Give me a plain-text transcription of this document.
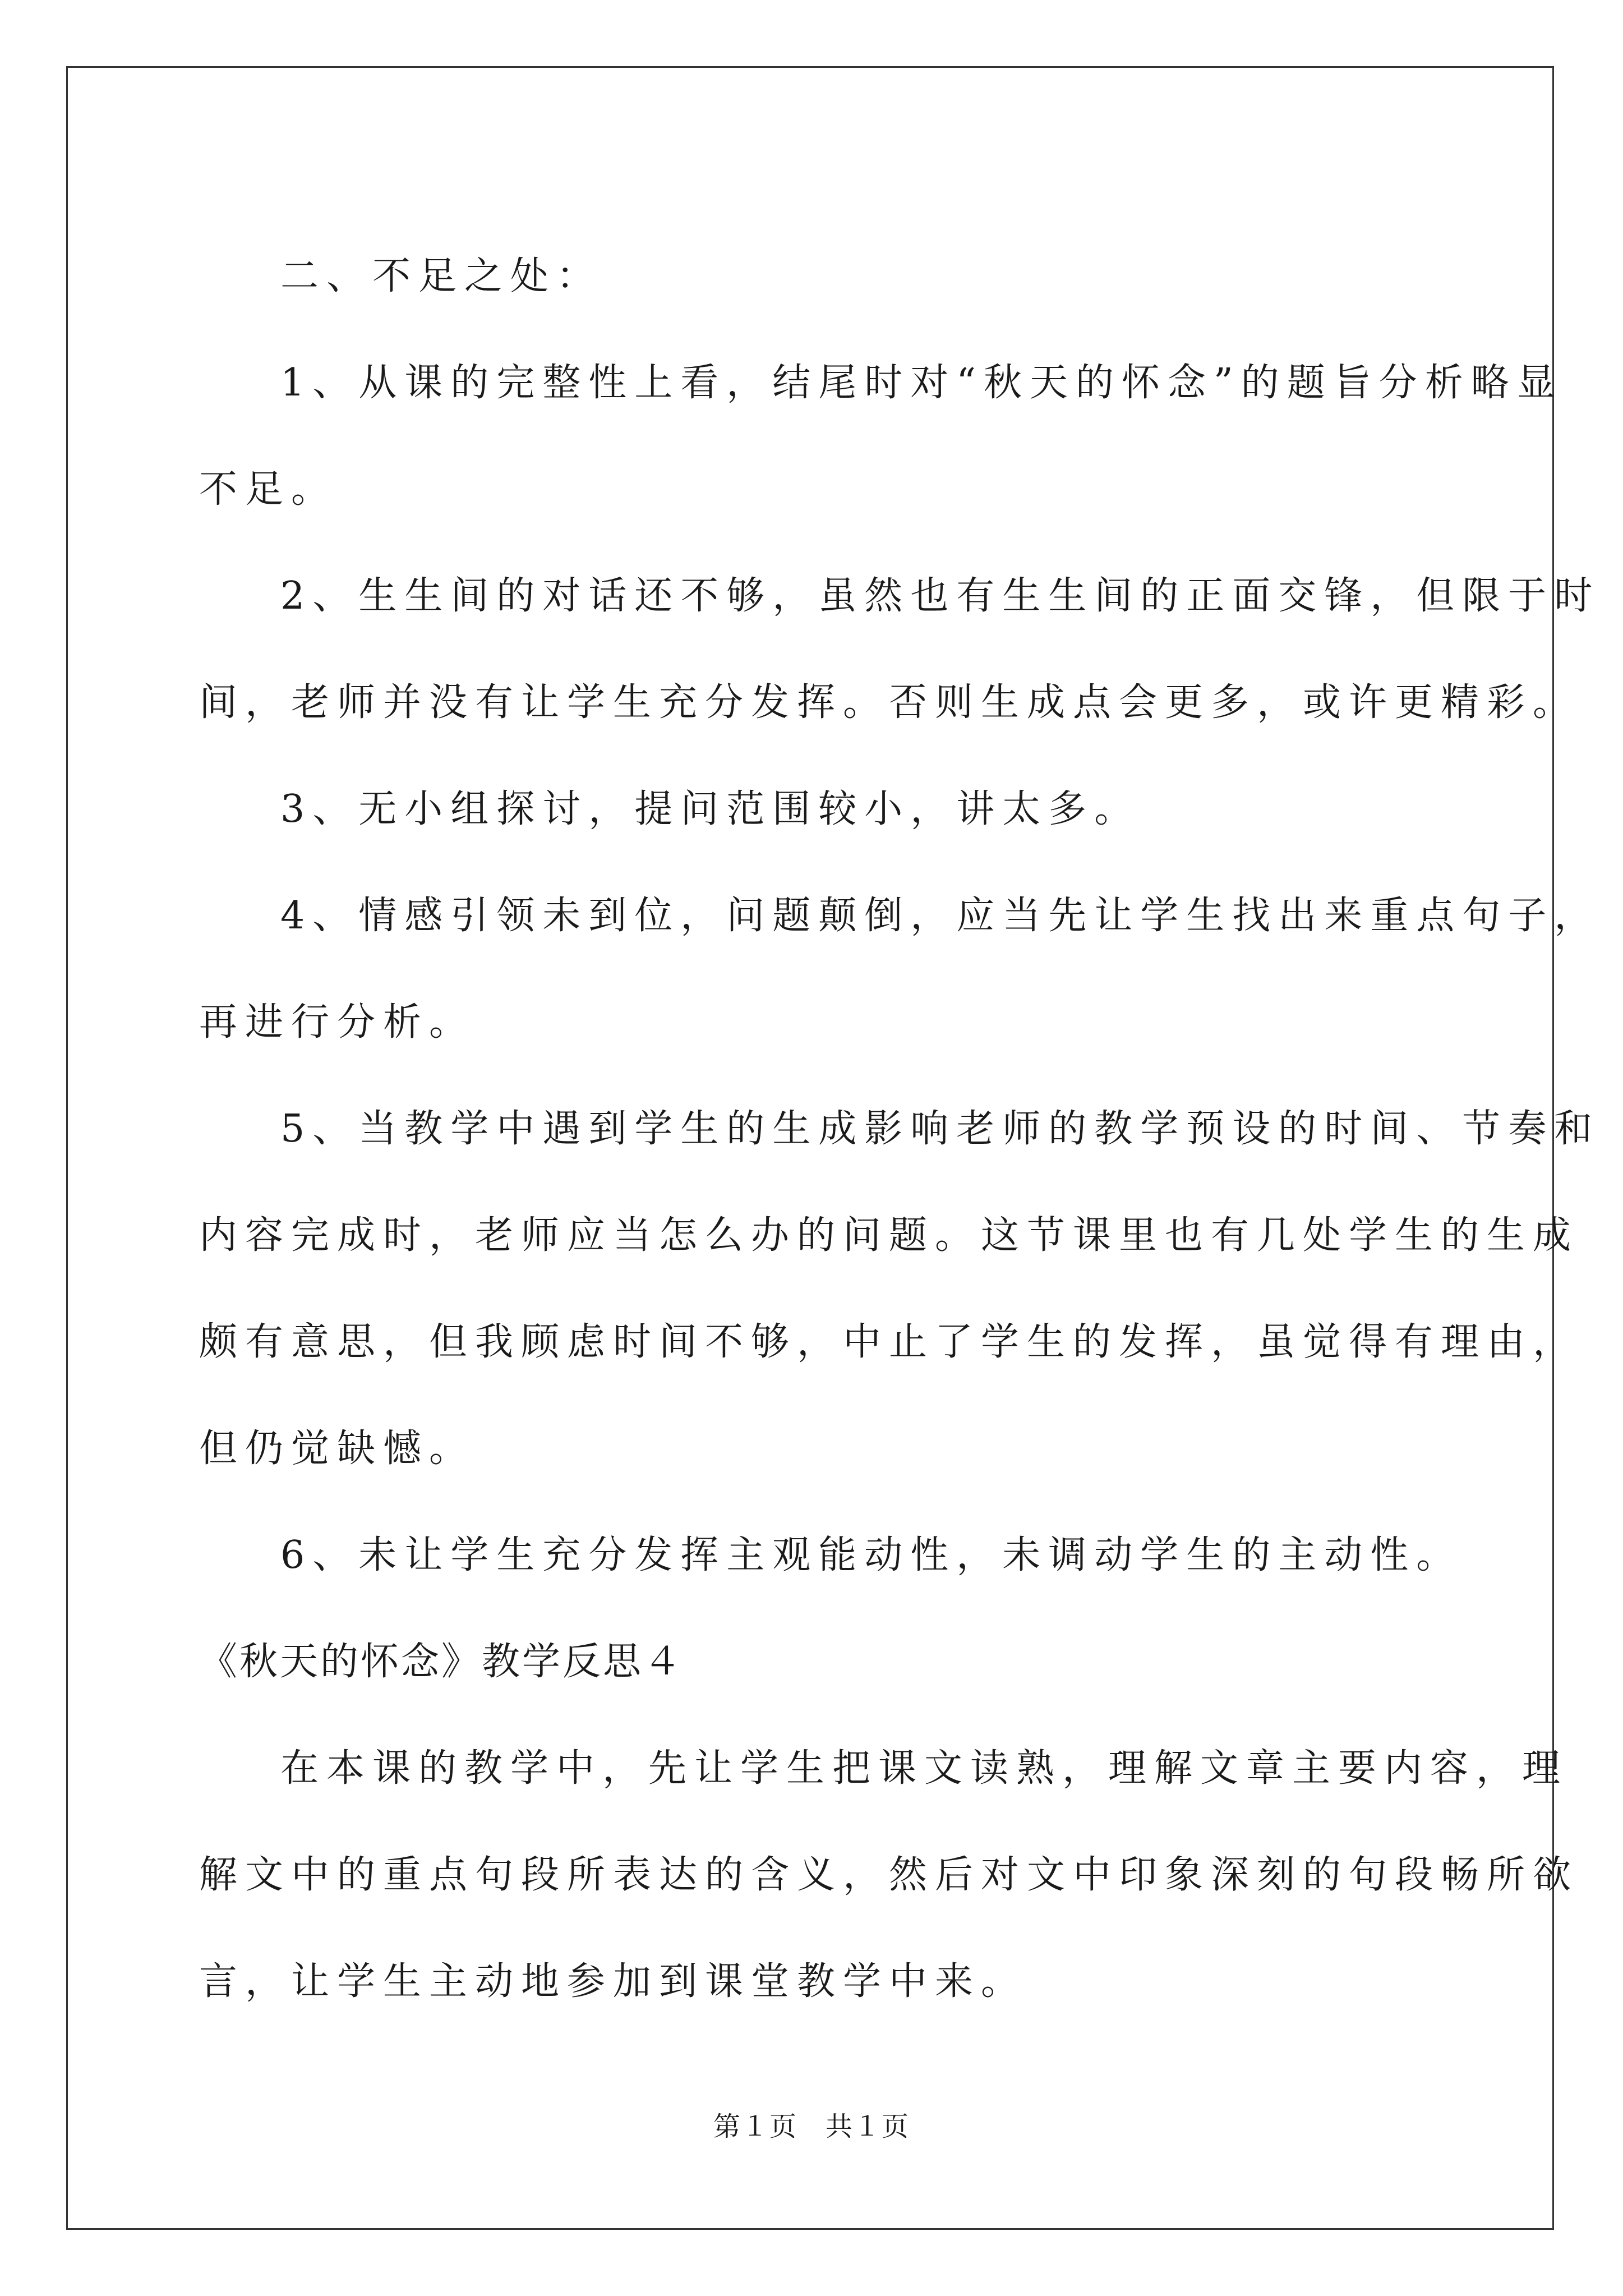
二、不足之处：
1、从课的完整性上看，结尾时对“秋天的怀念”的题旨分析略显
不足。
2、生生间的对话还不够，虽然也有生生间的正面交锋，但限于时
间，老师并没有让学生充分发挥。否则生成点会更多，或许更精彩。
3、无小组探讨，提问范围较小，讲太多。
4、情感引领未到位，问题颠倒，应当先让学生找出来重点句子，
再进行分析。
5、当教学中遇到学生的生成影响老师的教学预设的时间、节奏和
内容完成时，老师应当怎么办的问题。这节课里也有几处学生的生成
颇有意思，但我顾虑时间不够，中止了学生的发挥，虽觉得有理由，
但仍觉缺憾。
6、未让学生充分发挥主观能动性，未调动学生的主动性。
《秋天的怀念》教学反思４
在本课的教学中，先让学生把课文读熟，理解文章主要内容，理
解文中的重点句段所表达的含义，然后对文中印象深刻的句段畅所欲
言，让学生主动地参加到课堂教学中来。
第１页 共１页
